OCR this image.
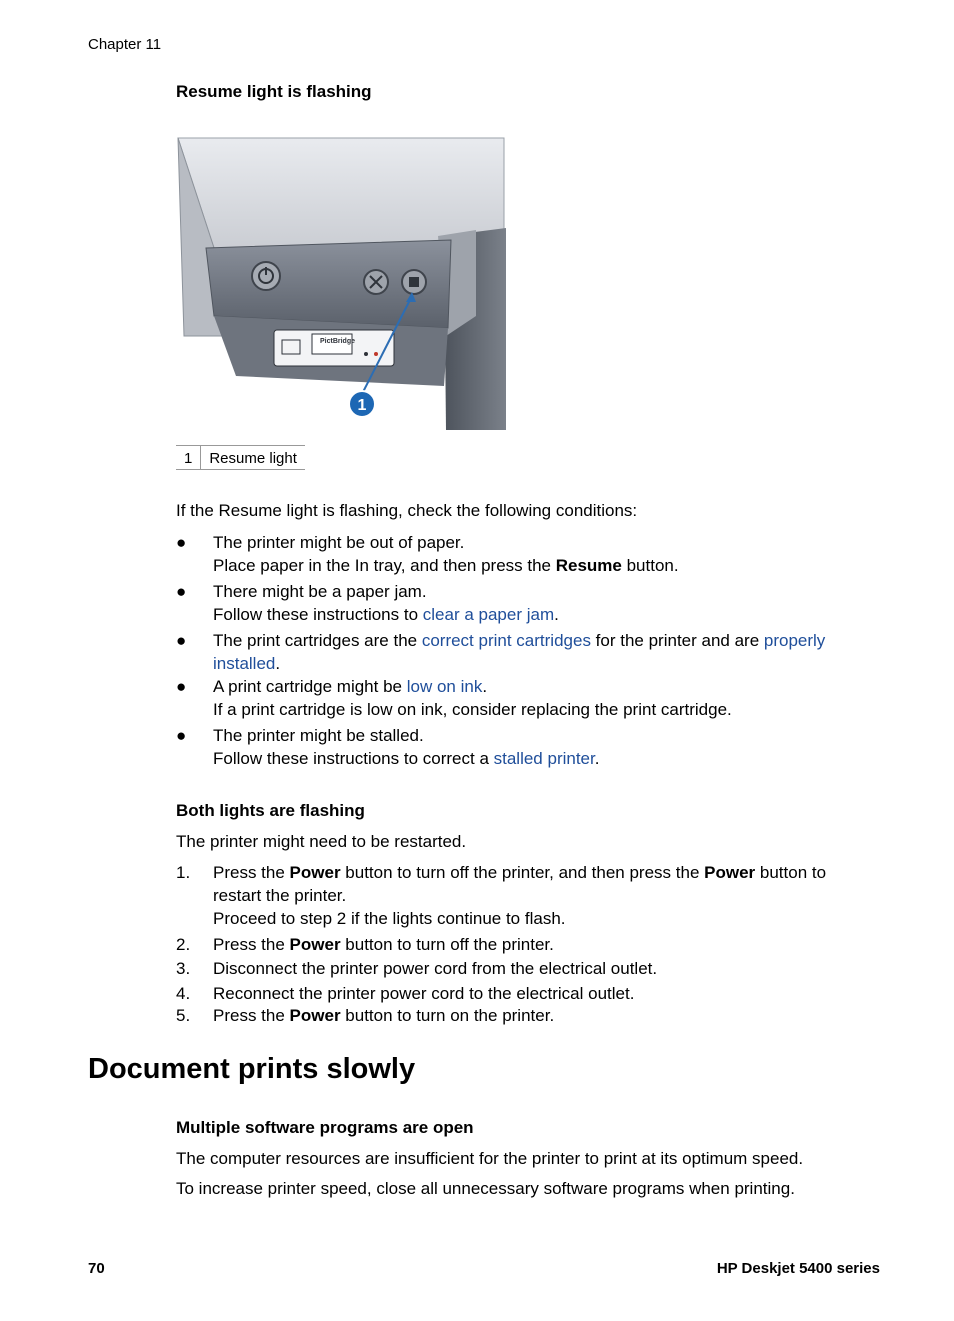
Chapter 11
Resume light is flashing
PictBridge
1
1	Resume light
If the Resume light is flashing, check the following conditions:
●	The printer might be out of paper.
Place paper in the In tray, and then press the Resume button.
●	There might be a paper jam.
Follow these instructions to clear a paper jam.
●	The print cartridges are the correct print cartridges for the printer and are properly
installed.
●	A print cartridge might be low on ink.
If a print cartridge is low on ink, consider replacing the print cartridge.
●	The printer might be stalled.
Follow these instructions to correct a stalled printer.
Both lights are flashing
The printer might need to be restarted.
1.	Press the Power button to turn off the printer, and then press the Power button to
restart the printer.
Proceed to step 2 if the lights continue to flash.
2.	Press the Power button to turn off the printer.
3.	Disconnect the printer power cord from the electrical outlet.
4.	Reconnect the printer power cord to the electrical outlet.
5.	Press the Power button to turn on the printer.
Document prints slowly
Multiple software programs are open
The computer resources are insufficient for the printer to print at its optimum speed.
To increase printer speed, close all unnecessary software programs when printing.
70	HP Deskjet 5400 series
